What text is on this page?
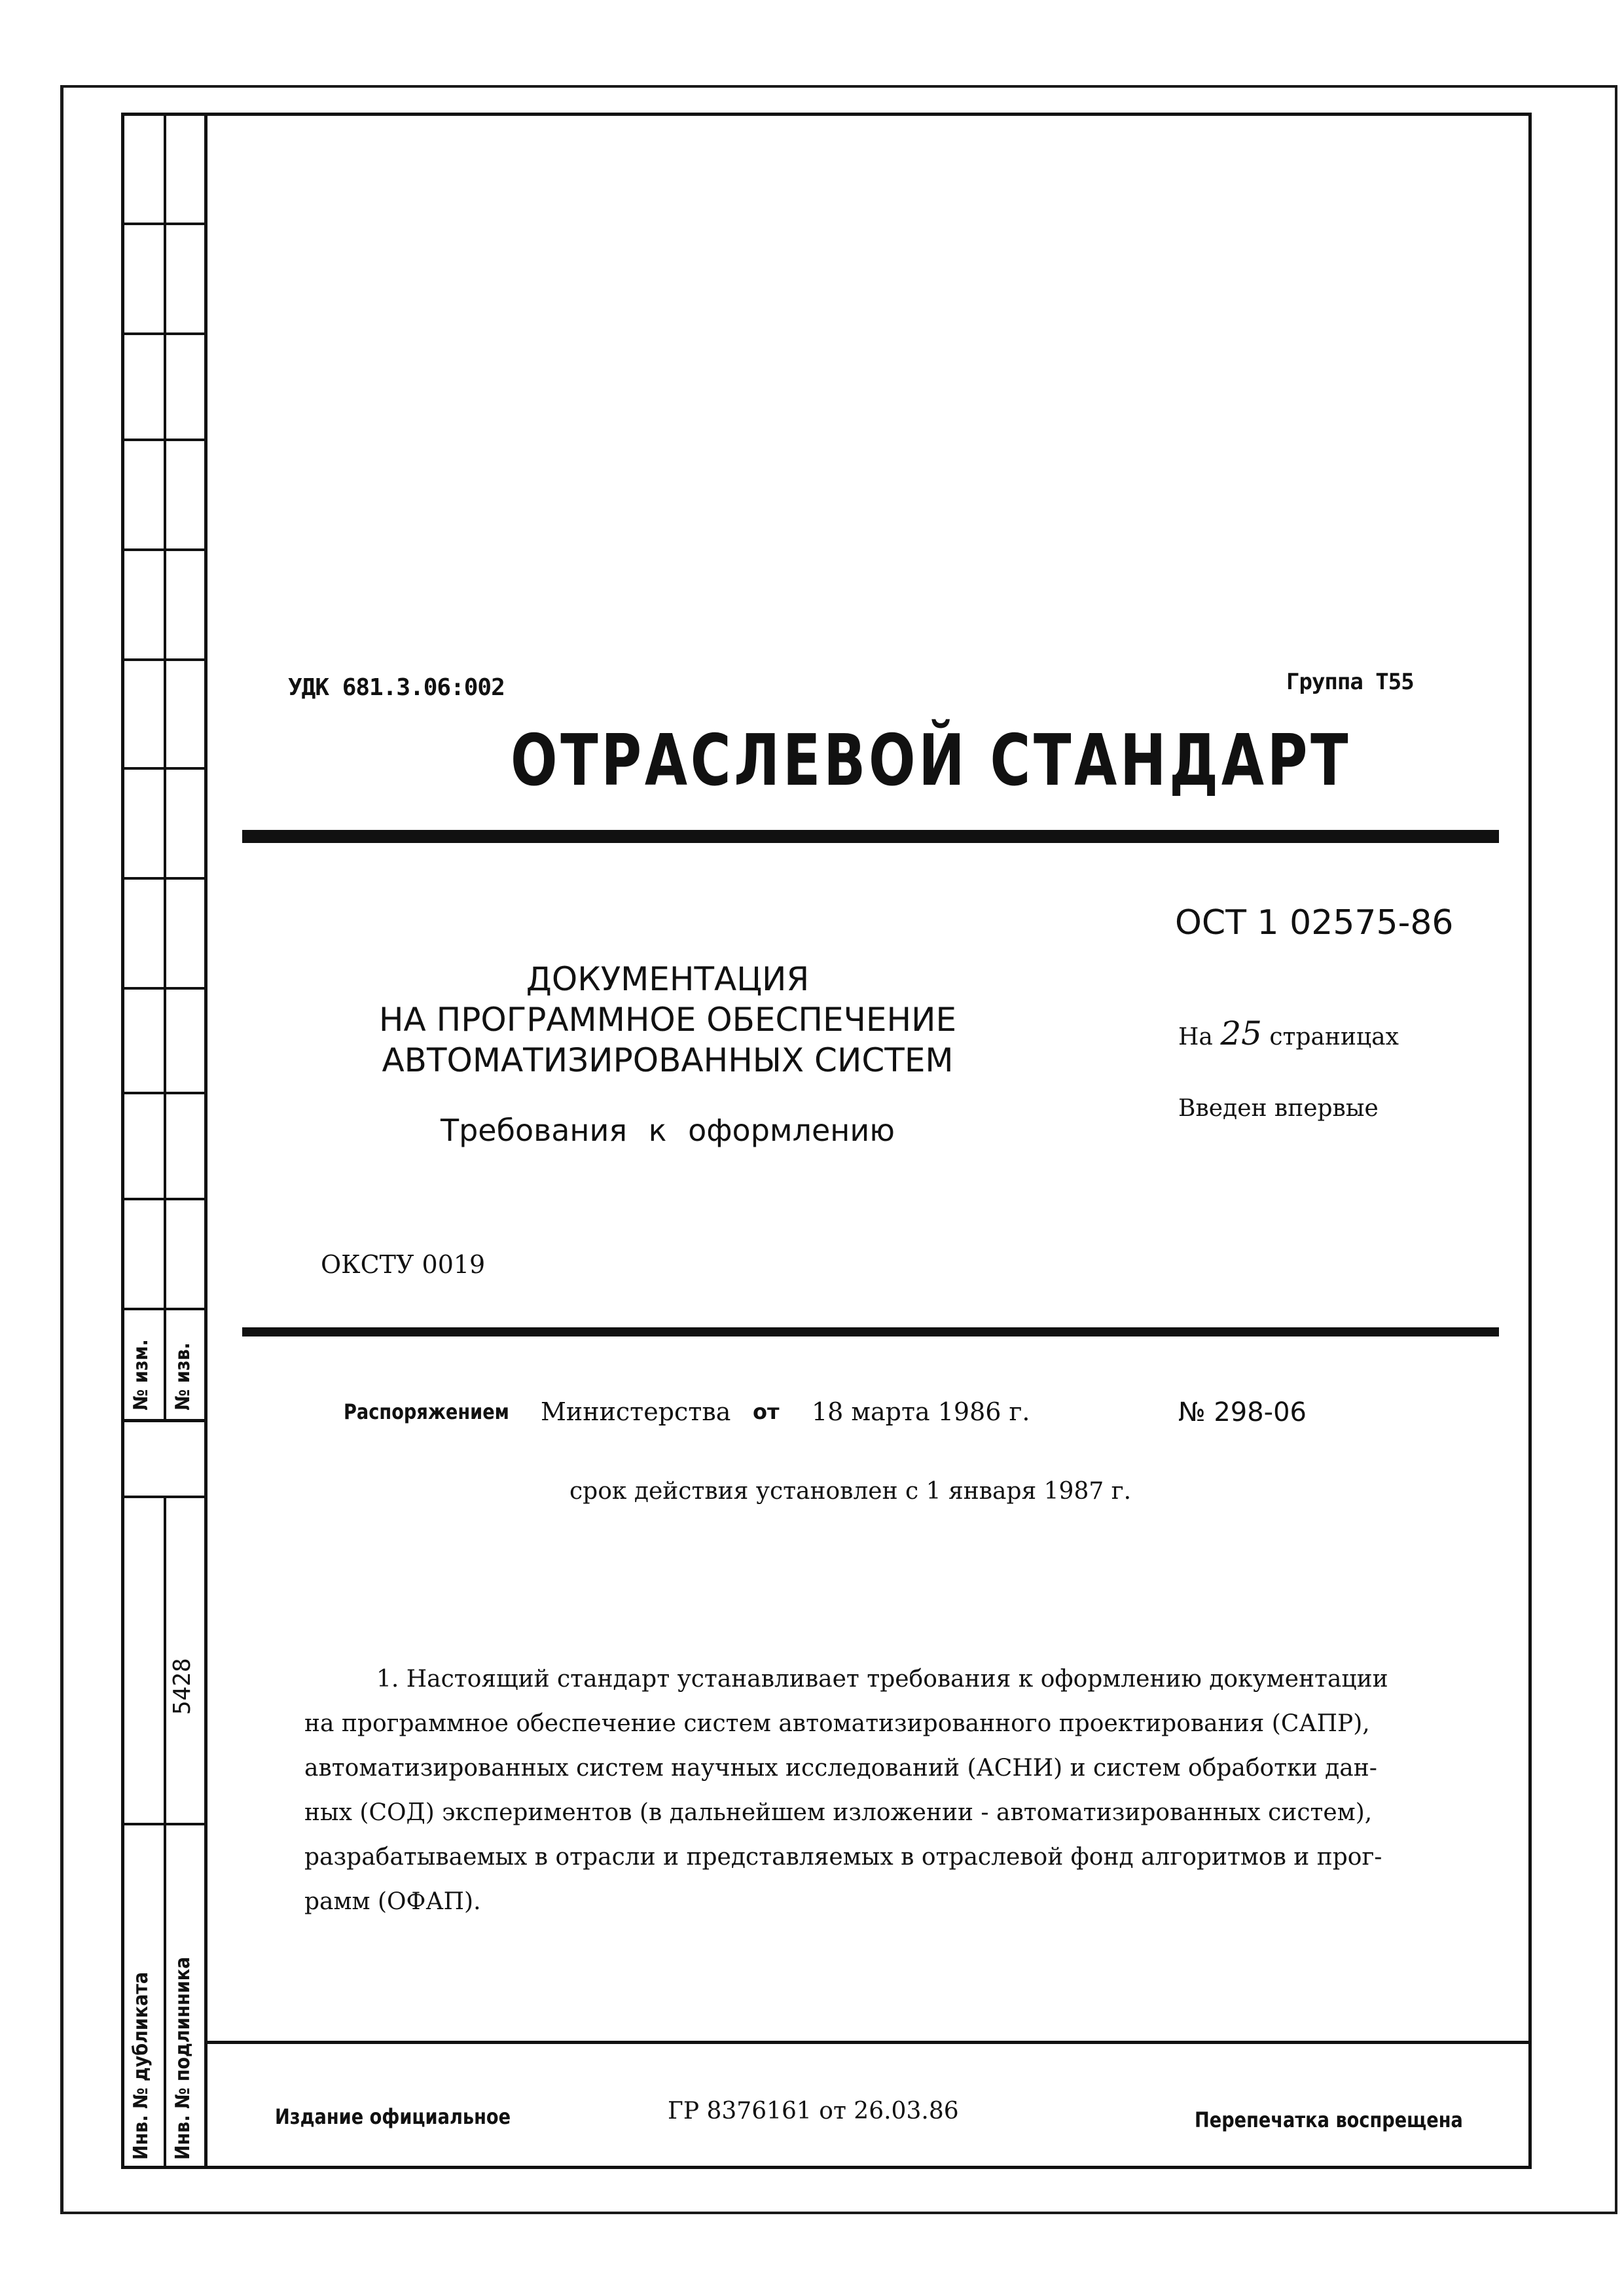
№ изм. № изв.
5428
Инв. № дубликата Инв. № подлинника
УДК 681.3.06:002	Группа Т55
ОТРАСЛЕВОЙ СТАНДАРТ
ОСТ 1 02575-86
На 25 страницах
Введен впервые
ДОКУМЕНТАЦИЯ
НА ПРОГРАММНОЕ ОБЕСПЕЧЕНИЕ
АВТОМАТИЗИРОВАННЫХ СИСТЕМ
Требования к оформлению
ОКСТУ 0019
Распоряжением Министерства от 18 марта 1986 г.	№ 298-06
срок действия установлен с 1 января 1987 г.
1. Настоящий стандарт устанавливает требования к оформлению документации
на программное обеспечение систем автоматизированного проектирования (САПР),
автоматизированных систем научных исследований (АСНИ) и систем обработки дан-
ных (СОД) экспериментов (в дальнейшем изложении - автоматизированных систем),
разрабатываемых в отрасли и представляемых в отраслевой фонд алгоритмов и прог-
рамм (ОФАП).
Издание официальное	ГР 8376161 от 26.03.86	Перепечатка воспрещена
